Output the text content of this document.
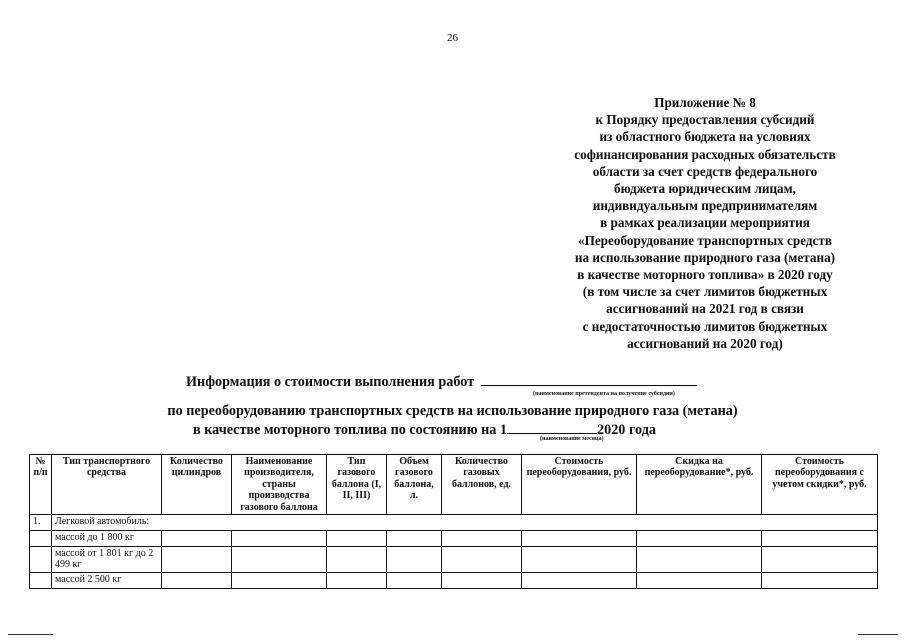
26
Приложение № 8
к Порядку предоставления субсидий
из областного бюджета на условиях
софинансирования расходных обязательств
области за счет средств федерального
бюджета юридическим лицам,
индивидуальным предпринимателям
в рамках реализации мероприятия
«Переоборудование транспортных средств
на использование природного газа (метана)
в качестве моторного топлива» в 2020 году
(в том числе за счет лимитов бюджетных
ассигнований на 2021 год в связи
с недостаточностью лимитов бюджетных
ассигнований на 2020 год)
Информация о стоимости выполнения работ
(наименование претендента на получение субсидии)
по переоборудованию транспортных средств на использование природного газа (метана)
в качестве моторного топлива по состоянию на 1	2020 года
(наименование месяца)
№ п/п	Тип транспортного средства	Количество цилиндров	Наименование производителя, страны производства газового баллона	Тип газового баллона (I, II, III)	Объем газового баллона, л.	Количество газовых баллонов, ед.	Стоимость переоборудования, руб.	Скидка на переоборудование*, руб.	Стоимость переоборудования с учетом скидки*, руб.
1.	Легковой автомобиль:								
	массой до 1 800 кг								
	массой от 1 801 кг до 2 499 кг								
	массой 2 500 кг								
